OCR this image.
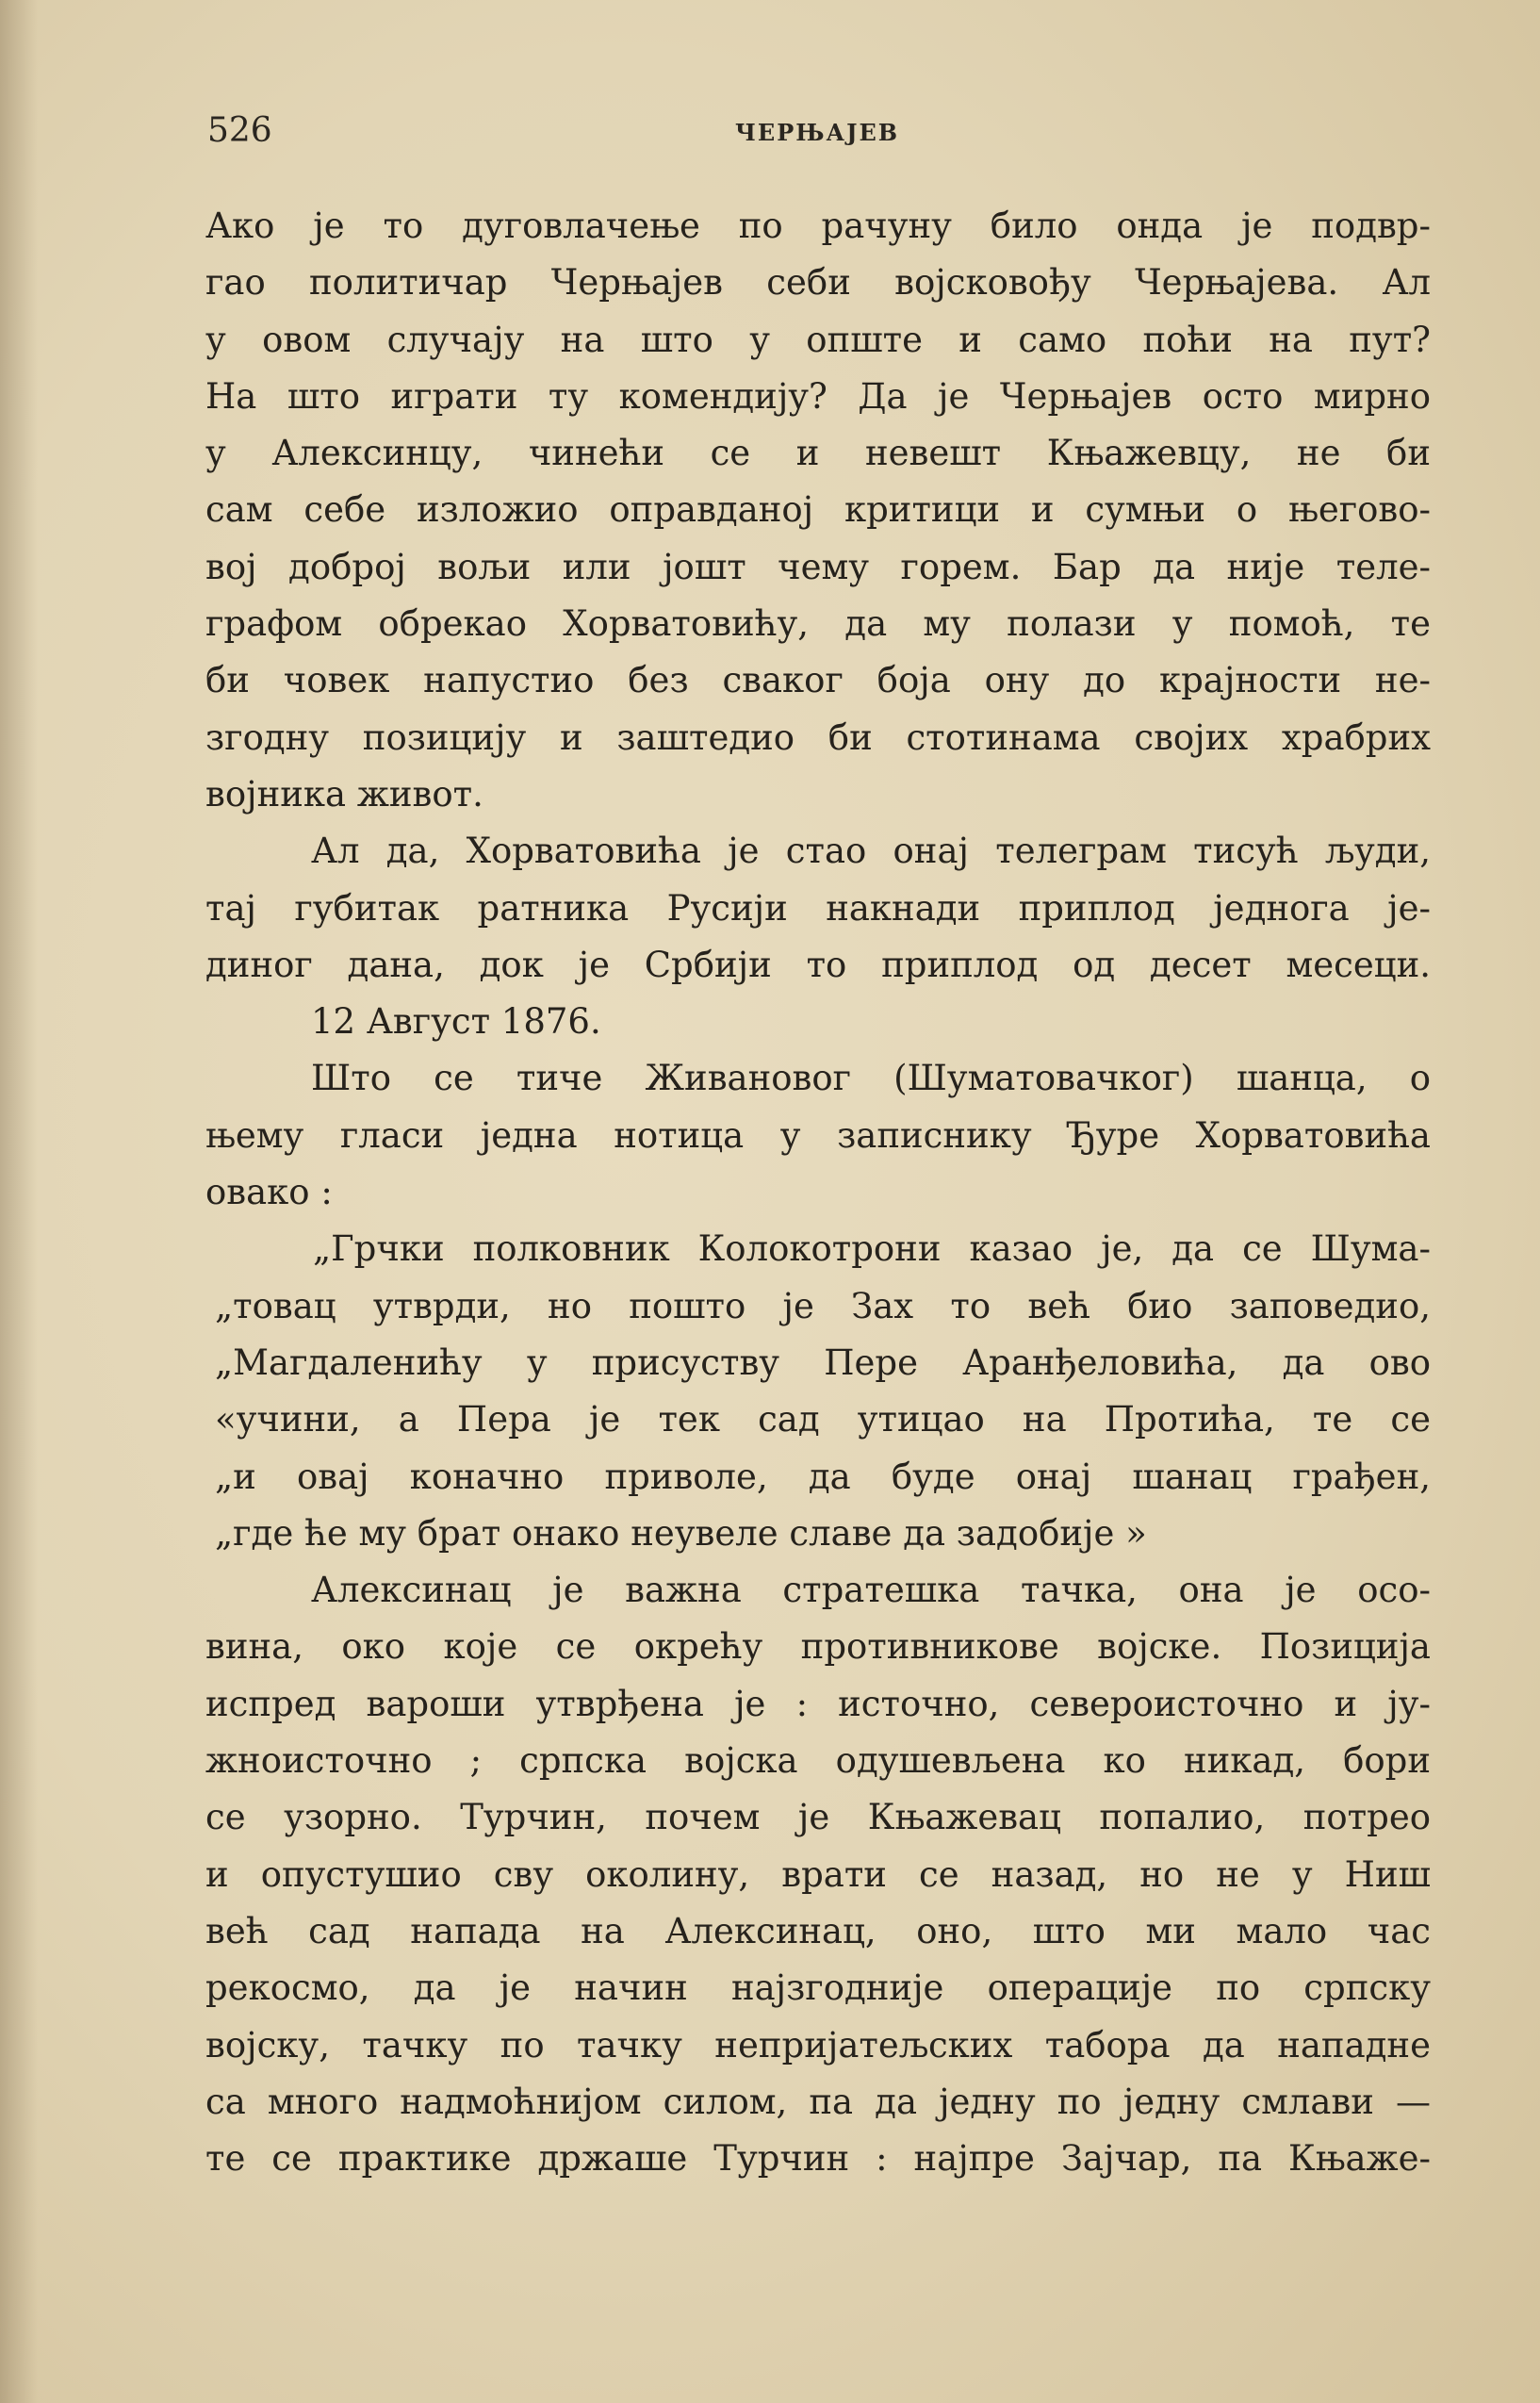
526	ЧЕРЊАЈЕВ
Ако је то дуговлачење по рачуну било онда је подвр-
гао политичар Черњајев себи војсковођу Черњајева. Ал
у овом случају на што у опште и само поћи на пут?
На што играти ту комендију? Да је Черњајев осто мирно
у Алексинцу, чинећи се и невешт Књажевцу, не би
сам себе изложио оправданој критици и сумњи о његово-
вој доброј вољи или јошт чему горем. Бар да није теле-
графом обрекао Хорватовићу, да му полази у помоћ, те
би човек напустио без сваког боја ону до крајности не-
згодну позицију и заштедио би стотинама својих храбрих
војника живот.
Ал да, Хорватовића је стао онај телеграм тисућ људи,
тај губитак ратника Русији накнади приплод једнога је-
диног дана, док је Србији то приплод од десет месеци.
12 Август 1876.
Што се тиче Живановог (Шуматовачког) шанца, о
њему гласи једна нотица у записнику Ђуре Хорватовића
овако :
„Грчки полковник Колокотрони казао је, да се Шума-
„товац утврди, но пошто је Зах то већ био заповедио,
„Магдаленићу у присуству Пере Аранђеловића, да ово
«учини, а Пера је тек сад утицао на Протића, те се
„и овај коначно приволе, да буде онај шанац грађен,
„где ће му брат онако неувеле славе да задобије »
Алексинац је важна стратешка тачка, она је осо-
вина, око које се окрећу противникове војске. Позиција
испред вароши утврђена је : источно, североисточно и ју-
жноисточно ; српска војска одушевљена ко никад, бори
се узорно. Турчин, почем је Књажевац попалио, потрео
и опустушио сву околину, врати се назад, но не у Ниш
већ сад напада на Алексинац, оно, што ми мало час
рекосмо, да је начин најзгодније операције по српску
војску, тачку по тачку непријатељских табора да нападне
са много надмоћнијом силом, па да једну по једну смлави —
те се практике држаше Турчин : најпре Зајчар, па Књаже-
